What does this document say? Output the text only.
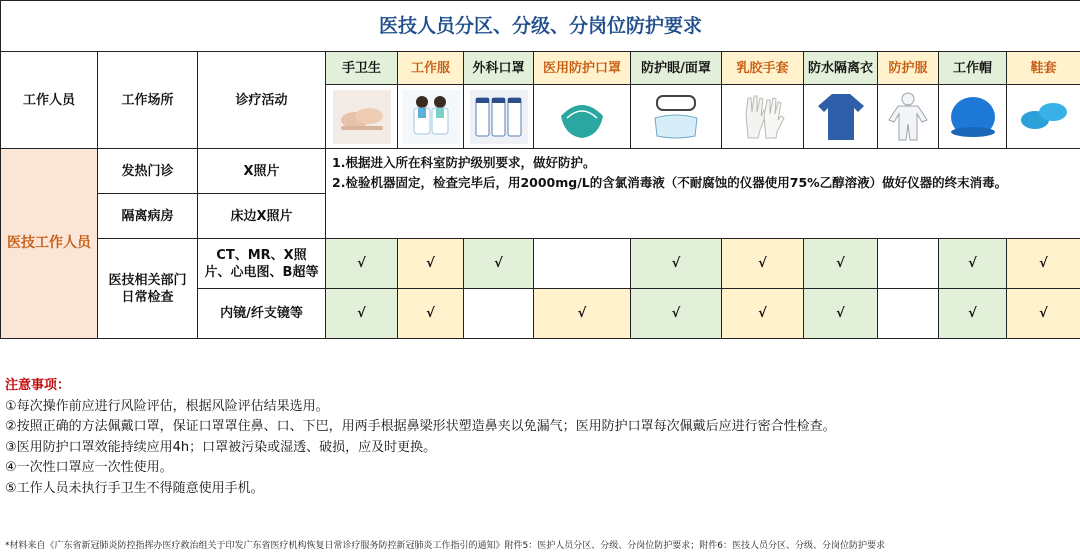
医技人员分区、分级、分岗位防护要求												
工作人员	工作场所	诊疗活动	手卫生	工作服	外科口罩	医用防护口罩	防护眼/面罩	乳胶手套	防水隔离衣	防护服	工作帽	鞋套

医技工作人员	发热门诊	X照片	1.根据进入所在科室防护级别要求，做好防护。
2.检验机器固定，检查完毕后，用2000mg/L的含氯消毒液（不耐腐蚀的仪器使用75%乙醇溶液）做好仪器的终末消毒。									

	隔离病房	床边X照片										
	医技相关部门日常检查	CT、MR、X照片、心电图、B超等	√	√	√		√	√	√		√	√
		内镜/纤支镜等	√	√		√	√	√	√		√	√
注意事项：
①每次操作前应进行风险评估，根据风险评估结果选用。
②按照正确的方法佩戴口罩，保证口罩罩住鼻、口、下巴，用两手根据鼻梁形状塑造鼻夹以免漏气；医用防护口罩每次佩戴后应进行密合性检查。
③医用防护口罩效能持续应用4h；口罩被污染或湿透、破损，应及时更换。
④一次性口罩应一次性使用。
⑤工作人员未执行手卫生不得随意使用手机。
*材料来自《广东省新冠肺炎防控指挥办医疗救治组关于印发广东省医疗机构恢复日常诊疗服务防控新冠肺炎工作指引的通知》附件5：医护人员分区、分级、分岗位防护要求；附件6：医技人员分区、分级、分岗位防护要求
